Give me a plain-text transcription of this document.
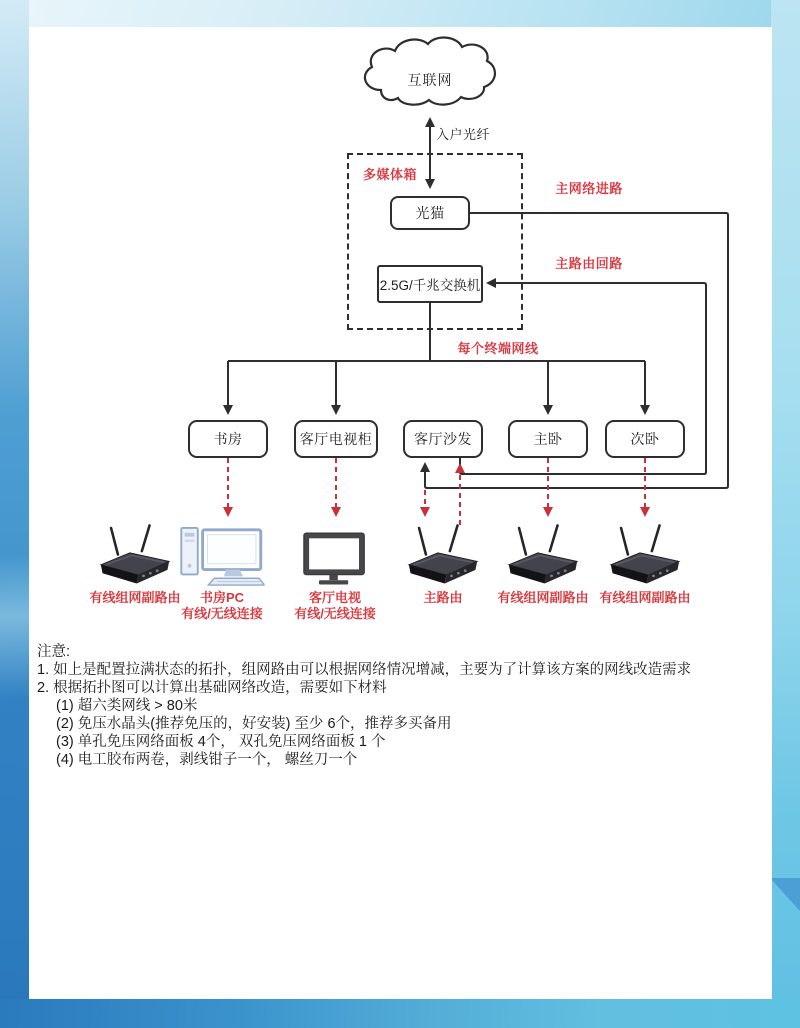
互联网
入户光纤
多媒体箱
光猫
2.5G/千兆交换机
主网络进路
主路由回路
每个终端网线
书房	客厅电视柜	客厅沙发	主卧	次卧
有线组网副路由	书房PC
有线/无线连接
客厅电视
有线/无线连接
主路由	有线组网副路由 有线组网副路由
注意:
1. 如上是配置拉满状态的拓扑，组网路由可以根据网络情况增减，主要为了计算该方案的网线改造需求
2. 根据拓扑图可以计算出基础网络改造，需要如下材料
(1) 超六类网线 > 80米
(2) 免压水晶头(推荐免压的，好安装) 至少 6个，推荐多买备用
(3) 单孔免压网络面板 4个， 双孔免压网络面板 1 个
(4) 电工胶布两卷，剥线钳子一个， 螺丝刀一个
